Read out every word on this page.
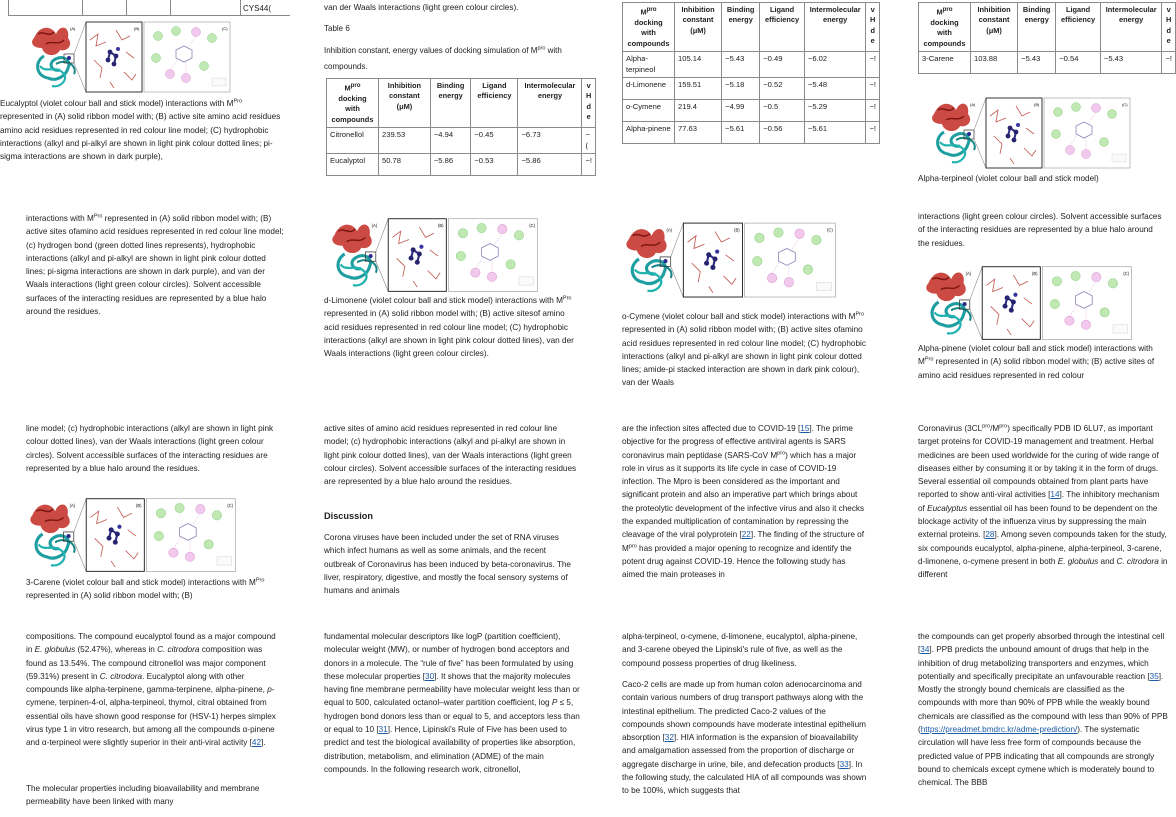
CYS44(
(A)	(B)	(C)
Eucalyptol (violet colour ball and stick model) interactions with $M^{Pro}$ represented in (A) solid ribbon model with; (B) active site amino acid residues amino acid residues represented in red colour line model; (C) hydrophobic interactions (alkyl and pi-alkyl are shown in light pink colour dotted lines; pi-sigma interactions are shown in dark purple),
van der Waals interactions (light green colour circles).
Table 6
Inhibition constant, energy values of docking simulation of $M^{pro}$ with compounds.
$M^{pro}$ docking with compounds	Inhibition constant (μM)	Binding energy	Ligand efficiency	Intermolecular energy	v H d e
Citronellol	239.53	−4.94	−0.45	−6.73	−(
Eucalyptol	50.78	−5.86	−0.53	−5.86	−!
$M^{pro}$ docking with compounds	Inhibition constant (μM)	Binding energy	Ligand efficiency	Intermolecular energy	v H d e
Alpha-terpineol	105.14	−5.43	−0.49	−6.02	−!
d-Limonene	159.51	−5.18	−0.52	−5.48	−!
o-Cymene	219.4	−4.99	−0.5	−5.29	−!
Alpha-pinene	77.63	−5.61	−0.56	−5.61	−!
$M^{pro}$ docking with compounds	Inhibition constant (μM)	Binding energy	Ligand efficiency	Intermolecular energy	v H d e
3-Carene	103.88	−5.43	−0.54	−5.43	−!
(A)	(B)	(C)
Alpha-terpineol (violet colour ball and stick model)
interactions with $M^{Pro}$ represented in (A) solid ribbon model with; (B) active sites ofamino acid residues represented in red colour line model; (c) hydrogen bond (green dotted lines represents), hydrophobic interactions (alkyl and pi-alkyl are shown in light pink colour dotted lines; pi-sigma interactions are shown in dark purple), and van der Waals interactions (light green colour circles). Solvent accessible surfaces of the interacting residues are represented by a blue halo around the residues.
(A)	(B)	(C)
d-Limonene (violet colour ball and stick model) interactions with $M^{Pro}$ represented in (A) solid ribbon model with; (B) active sitesof amino acid residues represented in red colour line model; (C) hydrophobic interactions (alkyl are shown in light pink colour dotted lines), van der Waals interactions (light green colour circles).
(A)	(B)	(C)
o-Cymene (violet colour ball and stick model) interactions with $M^{Pro}$ represented in (A) solid ribbon model with; (B) active sites ofamino acid residues represented in red colour line model; (C) hydrophobic interactions (alkyl and pi-alkyl are shown in light pink colour dotted lines; amide-pi stacked interaction are shown in dark pink colour), van der Waals
interactions (light green colour circles). Solvent accessible surfaces of the interacting residues are represented by a blue halo around the residues.
(A)	(B)	(C)
Alpha-pinene (violet colour ball and stick model) interactions with $M^{Pro}$ represented in (A) solid ribbon model with; (B) active sites of amino acid residues represented in red colour
line model; (c) hydrophobic interactions (alkyl are shown in light pink colour dotted lines), van der Waals interactions (light green colour circles). Solvent accessible surfaces of the interacting residues are represented by a blue halo around the residues.
(A)	(B)	(C)
3-Carene (violet colour ball and stick model) interactions with $M^{Pro}$ represented in (A) solid ribbon model with; (B)
active sites of amino acid residues represented in red colour line model; (c) hydrophobic interactions (alkyl and pi-alkyl are shown in light pink colour dotted lines), van der Waals interactions (light green colour circles). Solvent accessible surfaces of the interacting residues are represented by a blue halo around the residues.
Discussion
Corona viruses have been included under the set of RNA viruses which infect humans as well as some animals, and the recent outbreak of Coronavirus has been induced by beta-coronavirus. The liver, respiratory, digestive, and mostly the focal sensory systems of humans and animals
are the infection sites affected due to COVID-19 [15]. The prime objective for the progress of effective antiviral agents is SARS coronavirus main peptidase (SARS-CoV $M^{pro}$) which has a major role in virus as it supports its life cycle in case of COVID-19 infection. The Mpro is been considered as the important and significant protein and also an imperative part which brings about the proteolytic development of the infective virus and also it checks the expanded multiplication of contamination by repressing the cleavage of the viral polyprotein [22]. The finding of the structure of $M^{pro}$ has provided a major opening to recognize and identify the potent drug against COVID-19. Hence the following study has aimed the main proteases in
Coronavirus $(3CL^{pro}/M^{pro})$ specifically PDB ID 6LU7, as important target proteins for COVID-19 management and treatment. Herbal medicines are been used worldwide for the curing of wide range of diseases either by consuming it or by taking it in the form of drugs. Several essential oil compounds obtained from plant parts have reported to show anti-viral activities [14]. The inhibitory mechanism of Eucalyptus essential oil has been found to be dependent on the blockage activity of the influenza virus by suppressing the main external proteins. [28]. Among seven compounds taken for the study, six compounds eucalyptol, alpha-pinene, alpha-terpineol, 3-carene, d-limonene, o-cymene present in both E. globulus and C. citrodora in different
compositions. The compound eucalyptol found as a major compound in E. globulus (52.47%), whereas in C. citrodora composition was found as 13.54%. The compound citronellol was major component (59.31%) present in C. citrodora. Eucalyptol along with other compounds like alpha-terpinene, gamma-terpinene, alpha-pinene, p-cymene, terpinen-4-ol, alpha-terpineol, thymol, citral obtained from essential oils have shown good response for (HSV-1) herpes simplex virus type 1 in vitro research, but among all the compounds α-pinene and α-terpineol were slightly superior in their anti-viral activity [42].
The molecular properties including bioavailability and membrane permeability have been linked with many
fundamental molecular descriptors like logP (partition coefficient), molecular weight (MW), or number of hydrogen bond acceptors and donors in a molecule. The “rule of five” has been formulated by using these molecular properties [30]. It shows that the majority molecules having fine membrane permeability have molecular weight less than or equal to 500, calculated octanol–water partition coefficient, log P ≤ 5, hydrogen bond donors less than or equal to 5, and acceptors less than or equal to 10 [31]. Hence, Lipinski's Rule of Five has been used to predict and test the biological availability of properties like absorption, distribution, metabolism, and elimination (ADME) of the main compounds. In the following research work, citronellol,
alpha-terpineol, o-cymene, d-limonene, eucalyptol, alpha-pinene, and 3-carene obeyed the Lipinski's rule of five, as well as the compound possess properties of drug likeliness.
Caco-2 cells are made up from human colon adenocarcinoma and contain various numbers of drug transport pathways along with the intestinal epithelium. The predicted Caco-2 values of the compounds shown compounds have moderate intestinal epithelium absorption [32]. HIA information is the expansion of bioavailability and amalgamation assessed from the proportion of discharge or aggregate discharge in urine, bile, and defecation products [33]. In the following study, the calculated HIA of all compounds was shown to be 100%, which suggests that
the compounds can get properly absorbed through the intestinal cell [34]. PPB predicts the unbound amount of drugs that help in the inhibition of drug metabolizing transporters and enzymes, which potentially and specifically precipitate an unfavourable reaction [35]. Mostly the strongly bound chemicals are classified as the compounds with more than 90% of PPB while the weakly bound chemicals are classified as the compound with less than 90% of PPB (https://preadmet.bmdrc.kr/adme-prediction/). The systematic circulation will have less free form of compounds because the predicted value of PPB indicating that all compounds are strongly bound to chemicals except cymene which is moderately bound to chemical. The BBB
